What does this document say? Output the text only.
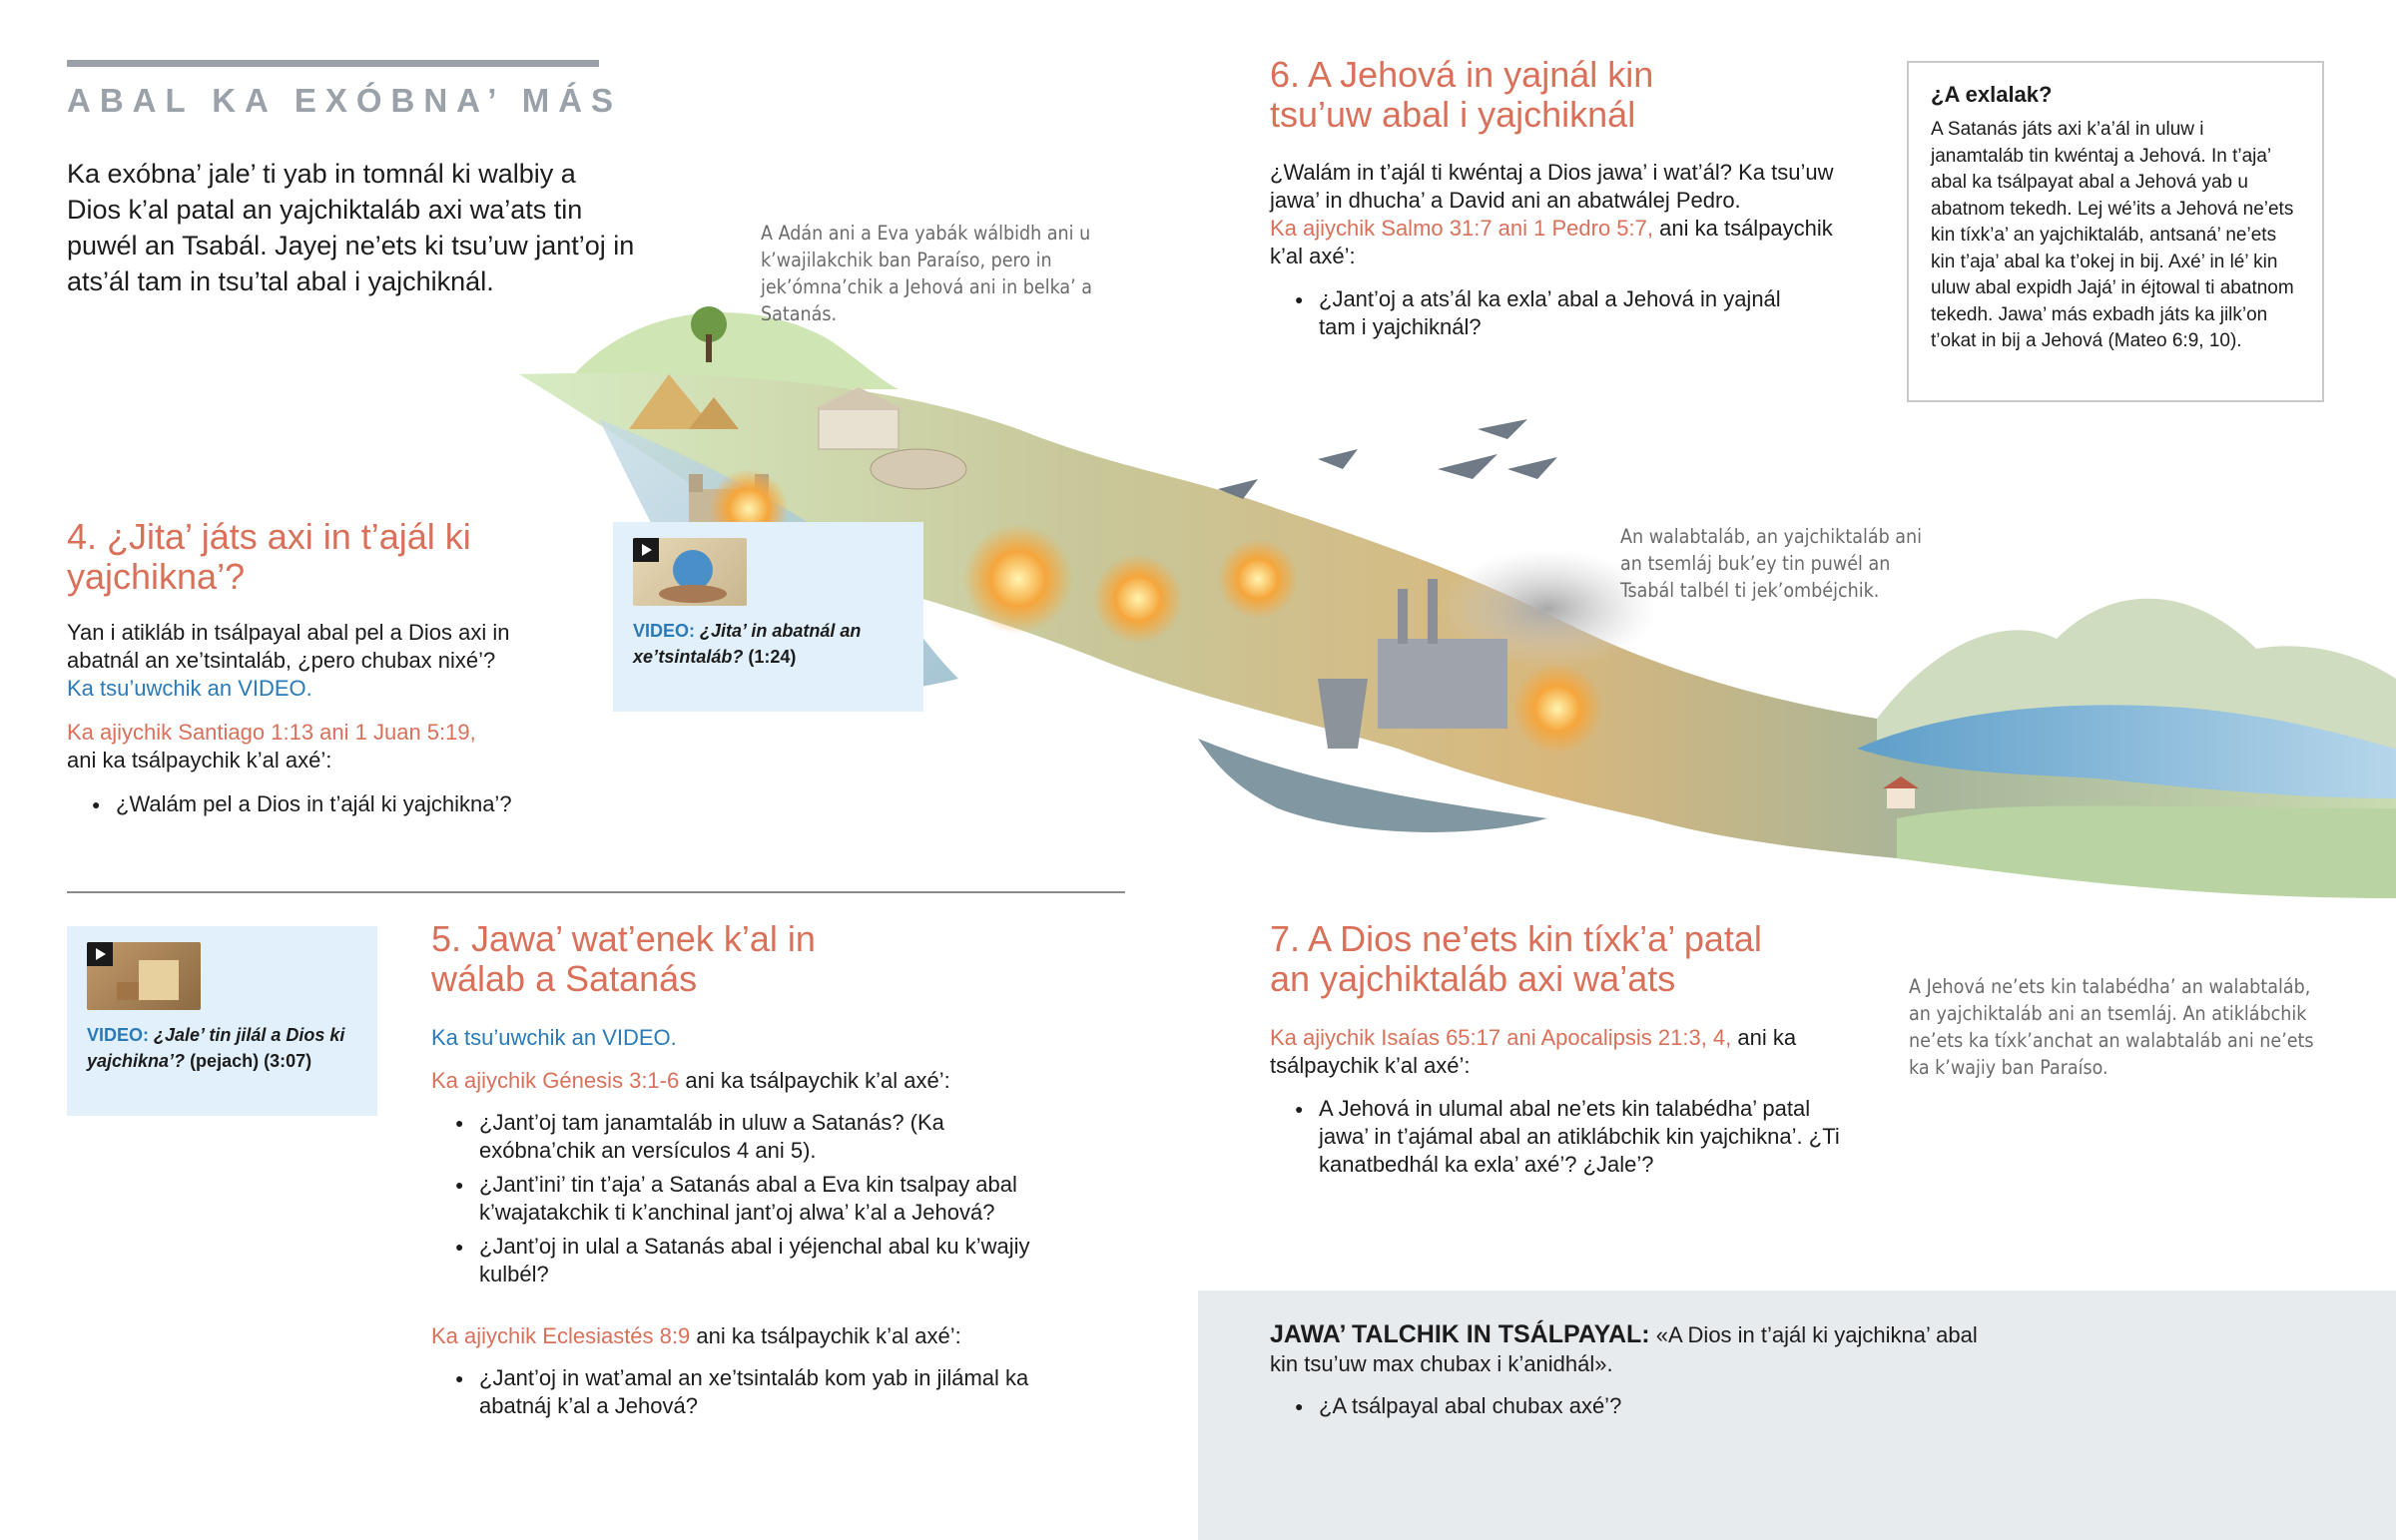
ABAL KA EXÓBNA’ MÁS

Ka exóbna’ jale’ ti yab in tomnál ki walbiy a Dios k’al patal an yajchiktaláb axi wa’ats tin puwél an Tsabál. Jayej ne’ets ki tsu’uw jant’oj in ats’ál tam in tsu’tal abal i yajchiknál.

A Adán ani a Eva yabák wálbidh ani u k’wajilakchik ban Paraíso, pero in jek’ómna’chik a Jehová ani in belka’ a Satanás.
An walabtaláb, an yajchiktaláb ani an tsemláj buk’ey tin puwél an Tsabál talbél ti jek’ombéjchik.
A Jehová ne’ets kin talabédha’ an walabtaláb, an yajchiktaláb ani an tsemláj. An atiklábchik ne’ets ka tíxk’anchat an walabtaláb ani ne’ets ka k’wajiy ban Paraíso.
4. ¿Jita’ játs axi in t’ajál ki yajchikna’?

Yan i atikláb in tsálpayal abal pel a Dios axi in abatnál an xe’tsintaláb, ¿pero chubax nixé’?

Ka tsu’uwchik an VIDEO.

Ka ajiychik Santiago 1:13 ani 1 Juan 5:19,
ani ka tsálpaychik k’al axé’:

● ¿Walám pel a Dios in t’ajál ki yajchikna’?
VIDEO: ¿Jita’ in abatnál an xe’tsintaláb? (1:24)
VIDEO: ¿Jale’ tin jilál a Dios ki yajchikna’? (pejach) (3:07)
5. Jawa’ wat’enek k’al in wálab a Satanás
Ka tsu’uwchik an VIDEO.

Ka ajiychik Génesis 3:1-6 ani ka tsálpaychik k’al axé’:

● ¿Jant’oj tam janamtaláb in uluw a Satanás? (Ka exóbna’chik an versículos 4 ani 5).
● ¿Jant’ini’ tin t’aja’ a Satanás abal a Eva kin tsalpay abal k’wajatakchik ti k’anchinal jant’oj alwa’ k’al a Jehová?
● ¿Jant’oj in ulal a Satanás abal i yéjenchal abal ku k’wajiy kulbél?

Ka ajiychik Eclesiastés 8:9 ani ka tsálpaychik k’al axé’:

● ¿Jant’oj in wat’amal an xe’tsintaláb kom yab in jilámal ka abatnáj k’al a Jehová?
6. A Jehová in yajnál kin tsu’uw abal i yajchiknál

¿Walám in t’ajál ti kwéntaj a Dios jawa’ i wat’ál? Ka tsu’uw jawa’ in dhucha’ a David ani an abatwálej Pedro.

Ka ajiychik Salmo 31:7 ani 1 Pedro 5:7, ani ka tsálpaychik k’al axé’:

● ¿Jant’oj a ats’ál ka exla’ abal a Jehová in yajnál tam i yajchiknál?
¿A exlalak?
A Satanás játs axi k’a’ál in uluw i janamtaláb tin kwéntaj a Jehová. In t’aja’ abal ka tsálpayat abal a Jehová yab u abatnom tekedh. Lej wé’its a Jehová ne’ets kin tíxk’a’ an yajchiktaláb, antsaná’ ne’ets kin t’aja’ abal ka t’okej in bij. Axé’ in lé’ kin uluw abal expidh Jajá’ in éjtowal ti abatnom tekedh. Jawa’ más exbadh játs ka jilk’on t’okat in bij a Jehová (Mateo 6:9, 10).
7. A Dios ne’ets kin tíxk’a’ patal an yajchiktaláb axi wa’ats

Ka ajiychik Isaías 65:17 ani Apocalipsis 21:3, 4, ani ka tsálpaychik k’al axé’:

● A Jehová in ulumal abal ne’ets kin talabédha’ patal jawa’ in t’ajámal abal an atiklábchik kin yajchikna’. ¿Ti kanatbedhál ka exla’ axé’? ¿Jale’?

JAWA’ TALCHIK IN TSÁLPAYAL: «A Dios in t’ajál ki yajchikna’ abal kin tsu’uw max chubax i k’anidhál».

● ¿A tsálpayal abal chubax axé’?
